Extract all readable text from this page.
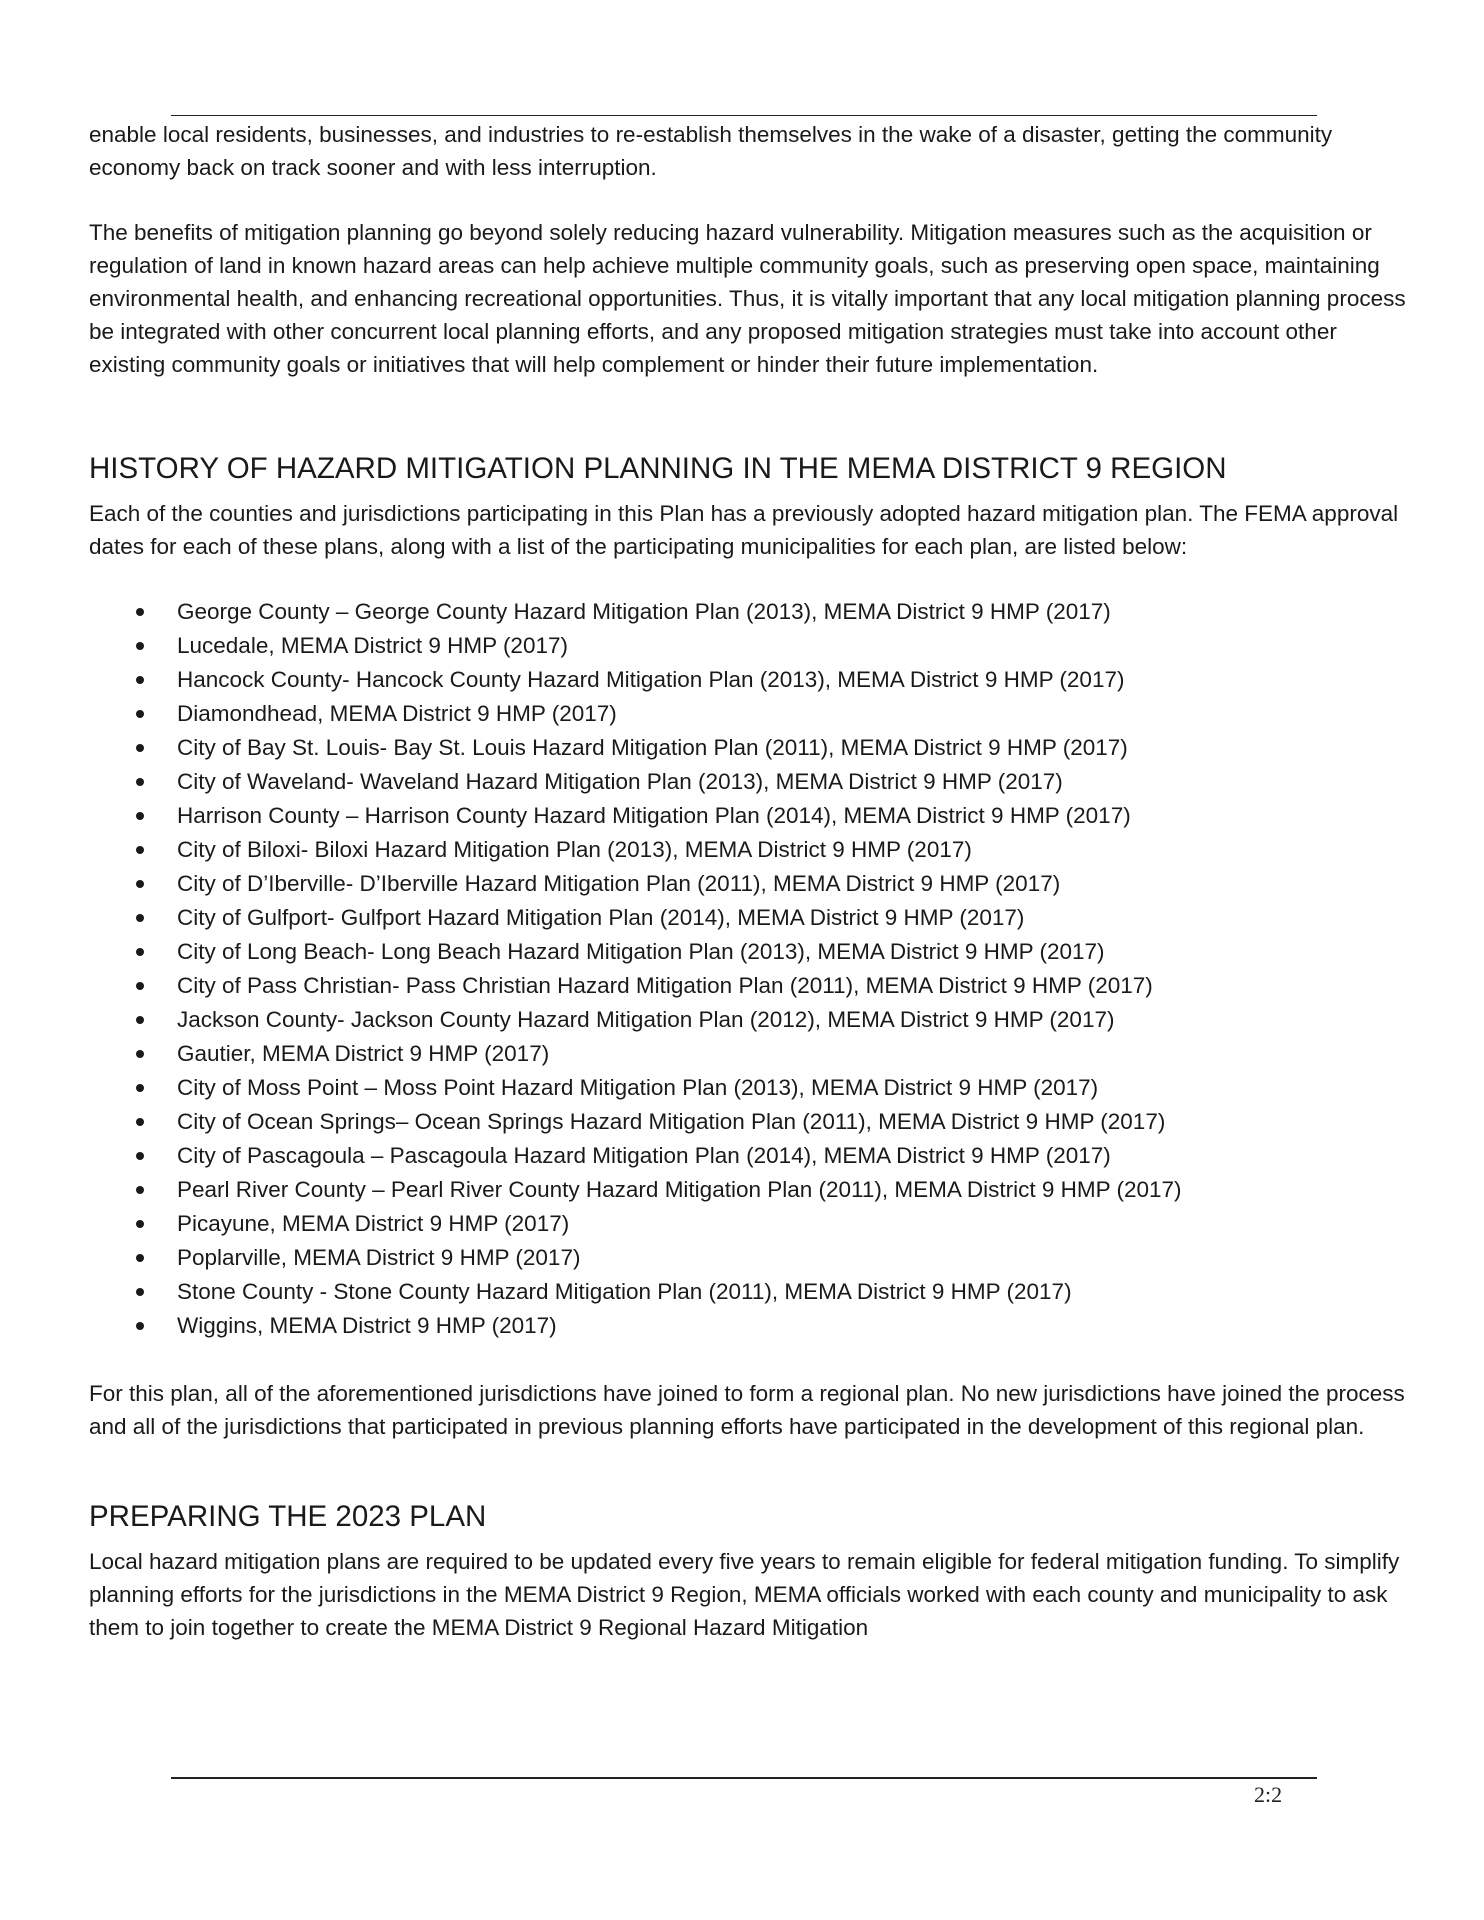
enable local residents, businesses, and industries to re-establish themselves in the wake of a disaster, getting the community economy back on track sooner and with less interruption.

The benefits of mitigation planning go beyond solely reducing hazard vulnerability. Mitigation measures such as the acquisition or regulation of land in known hazard areas can help achieve multiple community goals, such as preserving open space, maintaining environmental health, and enhancing recreational opportunities. Thus, it is vitally important that any local mitigation planning process be integrated with other concurrent local planning efforts, and any proposed mitigation strategies must take into account other existing community goals or initiatives that will help complement or hinder their future implementation.

HISTORY OF HAZARD MITIGATION PLANNING IN THE MEMA DISTRICT 9 REGION

Each of the counties and jurisdictions participating in this Plan has a previously adopted hazard mitigation plan. The FEMA approval dates for each of these plans, along with a list of the participating municipalities for each plan, are listed below:

George County – George County Hazard Mitigation Plan (2013), MEMA District 9 HMP (2017)
Lucedale, MEMA District 9 HMP (2017)
Hancock County- Hancock County Hazard Mitigation Plan (2013), MEMA District 9 HMP (2017)
Diamondhead, MEMA District 9 HMP (2017)
City of Bay St. Louis- Bay St. Louis Hazard Mitigation Plan (2011), MEMA District 9 HMP (2017)
City of Waveland- Waveland Hazard Mitigation Plan (2013), MEMA District 9 HMP (2017)
Harrison County – Harrison County Hazard Mitigation Plan (2014), MEMA District 9 HMP (2017)
City of Biloxi- Biloxi Hazard Mitigation Plan (2013), MEMA District 9 HMP (2017)
City of D’Iberville- D’Iberville Hazard Mitigation Plan (2011), MEMA District 9 HMP (2017)
City of Gulfport- Gulfport Hazard Mitigation Plan (2014), MEMA District 9 HMP (2017)
City of Long Beach- Long Beach Hazard Mitigation Plan (2013), MEMA District 9 HMP (2017)
City of Pass Christian- Pass Christian Hazard Mitigation Plan (2011), MEMA District 9 HMP (2017)
Jackson County- Jackson County Hazard Mitigation Plan (2012), MEMA District 9 HMP (2017)
Gautier, MEMA District 9 HMP (2017)
City of Moss Point – Moss Point Hazard Mitigation Plan (2013), MEMA District 9 HMP (2017)
City of Ocean Springs– Ocean Springs Hazard Mitigation Plan (2011), MEMA District 9 HMP (2017)
City of Pascagoula – Pascagoula Hazard Mitigation Plan (2014), MEMA District 9 HMP (2017)
Pearl River County – Pearl River County Hazard Mitigation Plan (2011), MEMA District 9 HMP (2017)
Picayune, MEMA District 9 HMP (2017)
Poplarville, MEMA District 9 HMP (2017)
Stone County - Stone County Hazard Mitigation Plan (2011), MEMA District 9 HMP (2017)
Wiggins, MEMA District 9 HMP (2017)

For this plan, all of the aforementioned jurisdictions have joined to form a regional plan. No new jurisdictions have joined the process and all of the jurisdictions that participated in previous planning efforts have participated in the development of this regional plan.

PREPARING THE 2023 PLAN

Local hazard mitigation plans are required to be updated every five years to remain eligible for federal mitigation funding. To simplify planning efforts for the jurisdictions in the MEMA District 9 Region, MEMA officials worked with each county and municipality to ask them to join together to create the MEMA District 9 Regional Hazard Mitigation

2:2
